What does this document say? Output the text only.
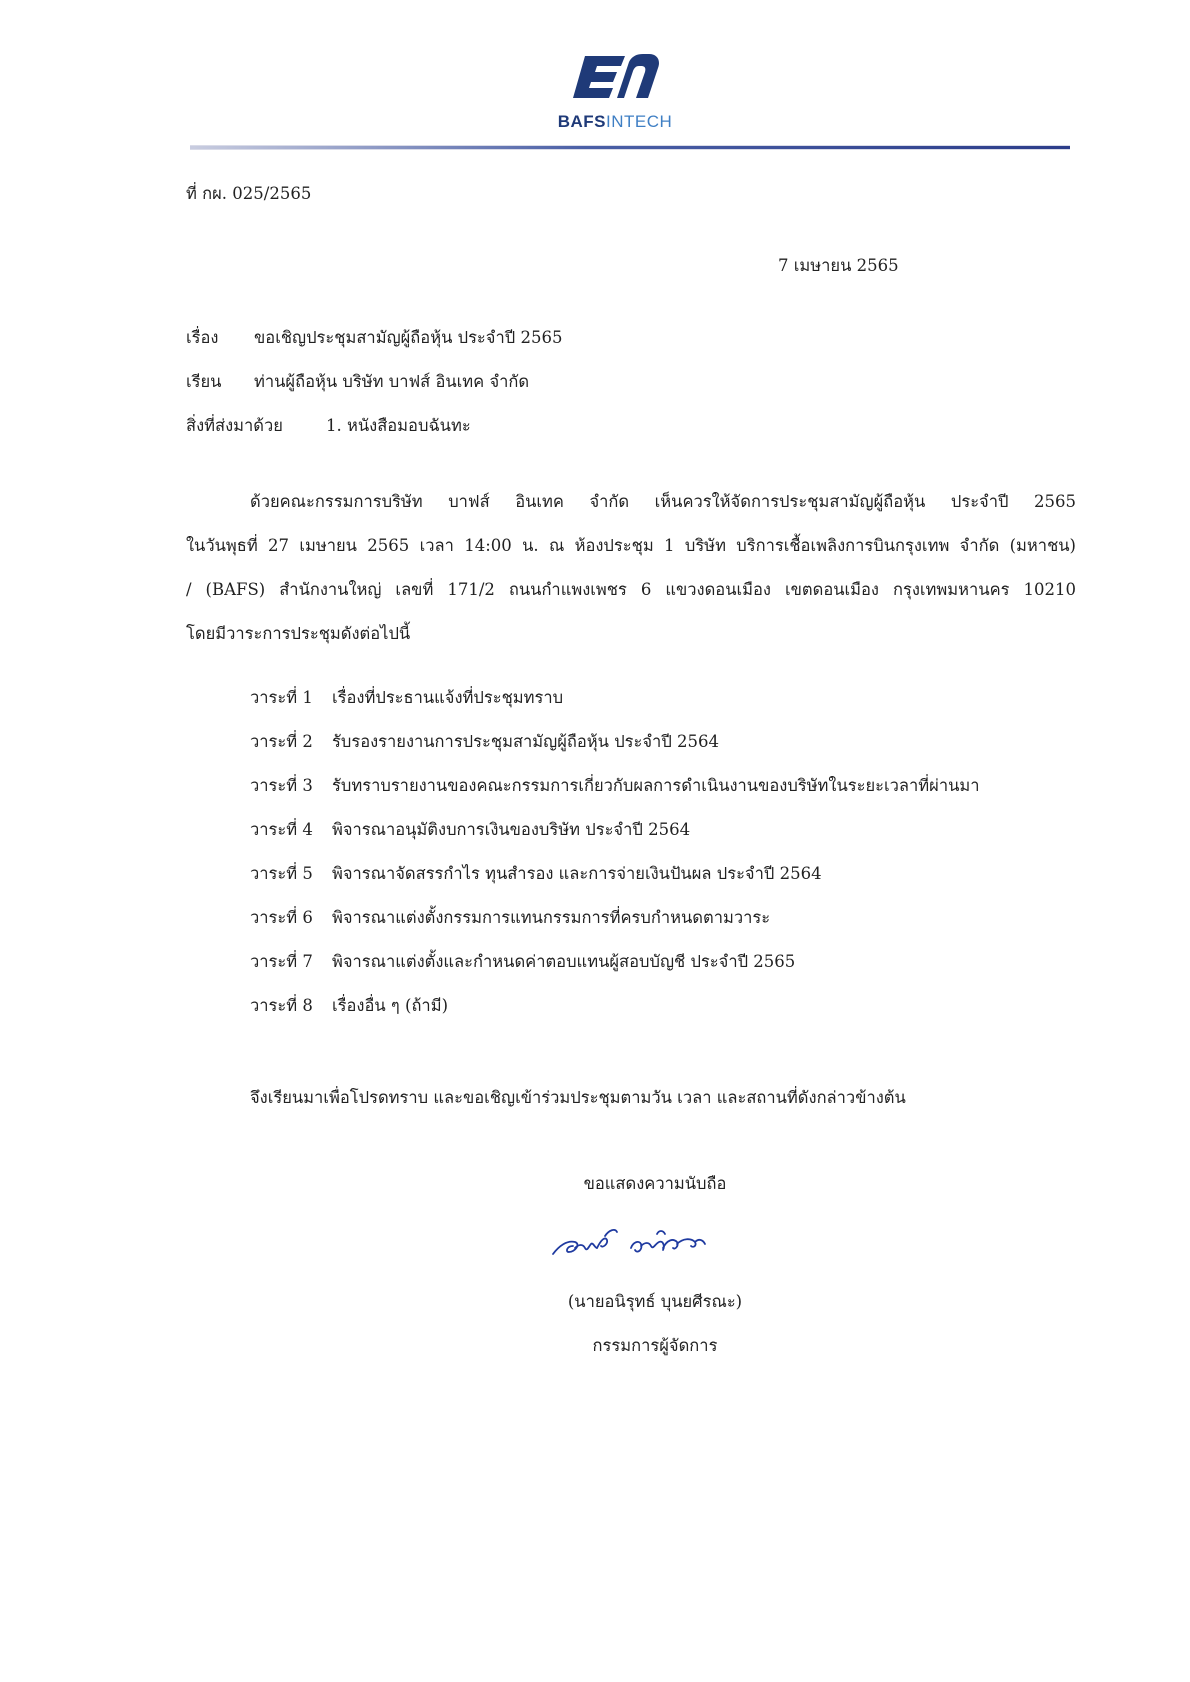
BAFSINTECH
ที่ กผ. 025/2565
7 เมษายน 2565
เรื่อง ขอเชิญประชุมสามัญผู้ถือหุ้น ประจำปี 2565
เรียน ท่านผู้ถือหุ้น บริษัท บาฟส์ อินเทค จำกัด
สิ่งที่ส่งมาด้วย	1. หนังสือมอบฉันทะ
ด้วยคณะกรรมการบริษัท บาฟส์ อินเทค จำกัด เห็นควรให้จัดการประชุมสามัญผู้ถือหุ้น ประจำปี 2565
ในวันพุธที่ 27 เมษายน 2565 เวลา 14:00 น. ณ ห้องประชุม 1 บริษัท บริการเชื้อเพลิงการบินกรุงเทพ จำกัด (มหาชน)
/ (BAFS) สำนักงานใหญ่ เลขที่ 171/2 ถนนกำแพงเพชร 6 แขวงดอนเมือง เขตดอนเมือง กรุงเทพมหานคร 10210
โดยมีวาระการประชุมดังต่อไปนี้
วาระที่ 1 เรื่องที่ประธานแจ้งที่ประชุมทราบ
วาระที่ 2 รับรองรายงานการประชุมสามัญผู้ถือหุ้น ประจำปี 2564
วาระที่ 3 รับทราบรายงานของคณะกรรมการเกี่ยวกับผลการดำเนินงานของบริษัทในระยะเวลาที่ผ่านมา
วาระที่ 4 พิจารณาอนุมัติงบการเงินของบริษัท ประจำปี 2564
วาระที่ 5 พิจารณาจัดสรรกำไร ทุนสำรอง และการจ่ายเงินปันผล ประจำปี 2564
วาระที่ 6 พิจารณาแต่งตั้งกรรมการแทนกรรมการที่ครบกำหนดตามวาระ
วาระที่ 7 พิจารณาแต่งตั้งและกำหนดค่าตอบแทนผู้สอบบัญชี ประจำปี 2565
วาระที่ 8 เรื่องอื่น ๆ (ถ้ามี)
จึงเรียนมาเพื่อโปรดทราบ และขอเชิญเข้าร่วมประชุมตามวัน เวลา และสถานที่ดังกล่าวข้างต้น
ขอแสดงความนับถือ
(นายอนิรุทธ์ บุนยศีรณะ)
กรรมการผู้จัดการ
